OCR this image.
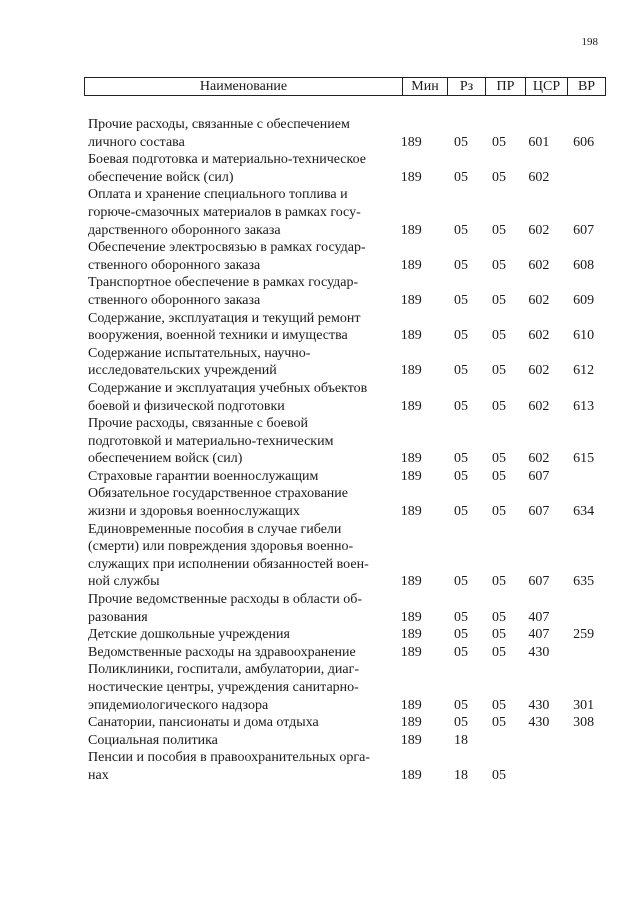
198
Наименование	Мин	Рз	ПР	ЦСР	ВР
Прочие расходы, связанные с обеспечением
личного состава	189	05	05	601	606
Боевая подготовка и материально-техническое
обеспечение войск (сил)	189	05	05	602
Оплата и хранение специального топлива и
горюче-смазочных материалов в рамках госу-
дарственного оборонного заказа	189	05	05	602	607
Обеспечение электросвязью в рамках государ-
ственного оборонного заказа	189	05	05	602	608
Транспортное обеспечение в рамках государ-
ственного оборонного заказа	189	05	05	602	609
Содержание, эксплуатация и текущий ремонт
вооружения, военной техники и имущества	189	05	05	602	610
Содержание испытательных, научно-
исследовательских учреждений	189	05	05	602	612
Содержание и эксплуатация учебных объектов
боевой и физической подготовки	189	05	05	602	613
Прочие расходы, связанные с боевой
подготовкой и материально-техническим
обеспечением войск (сил)	189	05	05	602	615
Страховые гарантии военнослужащим	189	05	05	607
Обязательное государственное страхование
жизни и здоровья военнослужащих	189	05	05	607	634
Единовременные пособия в случае гибели
(смерти) или повреждения здоровья военно-
служащих при исполнении обязанностей воен-
ной службы	189	05	05	607	635
Прочие ведомственные расходы в области об-
разования	189	05	05	407
Детские дошкольные учреждения	189	05	05	407	259
Ведомственные расходы на здравоохранение	189	05	05	430
Поликлиники, госпитали, амбулатории, диаг-
ностические центры, учреждения санитарно-
эпидемиологического надзора	189	05	05	430	301
Санатории, пансионаты и дома отдыха	189	05	05	430	308
Социальная политика	189	18
Пенсии и пособия в правоохранительных орга-
нах	189	18	05
